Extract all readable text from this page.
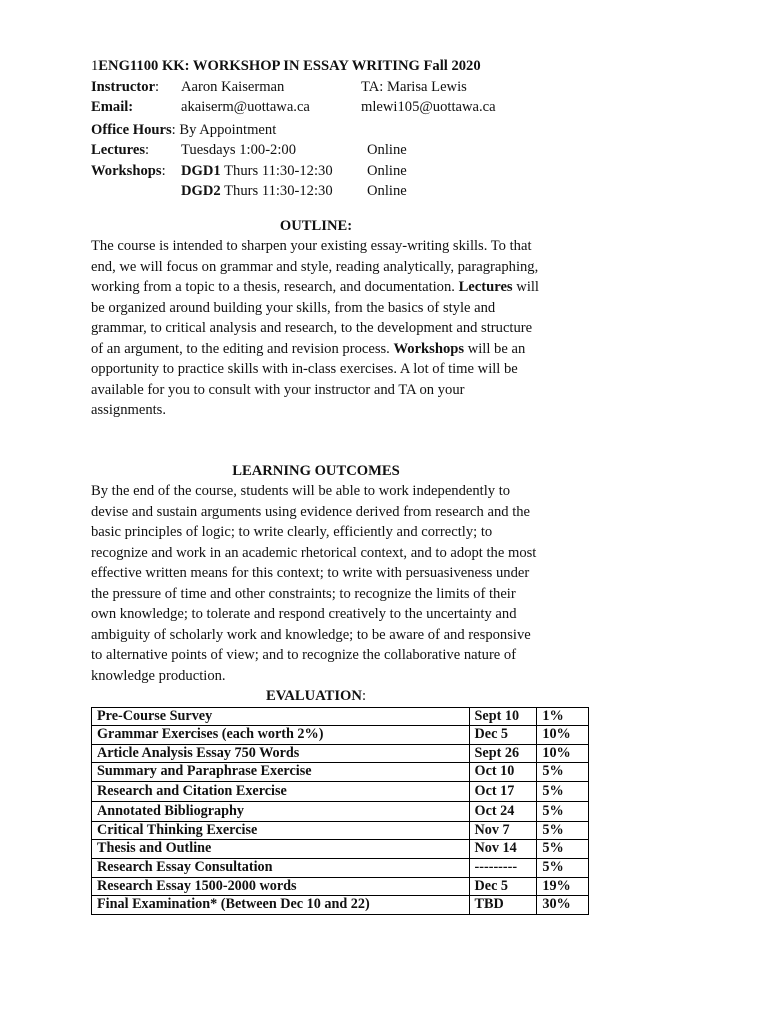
1ENG1100 KK: WORKSHOP IN ESSAY WRITING Fall 2020
Instructor:	Aaron Kaiserman	TA: Marisa Lewis
Email:	akaiserm@uottawa.ca	mlewi105@uottawa.ca
Office Hours : By Appointment
Lectures:	Tuesdays 1:00-2:00	Online
Workshops:	DGD1 Thurs 11:30-12:30	Online
DGD2 Thurs 11:30-12:30	Online
OUTLINE:

The course is intended to sharpen your existing essay-writing skills. To that end, we will focus on grammar and style, reading analytically, paragraphing, working from a topic to a thesis, research, and documentation. Lectures will be organized around building your skills, from the basics of style and grammar, to critical analysis and research, to the development and structure of an argument, to the editing and revision process. Workshops will be an opportunity to practice skills with in-class exercises. A lot of time will be available for you to consult with your instructor and TA on your assignments.

LEARNING OUTCOMES

By the end of the course, students will be able to work independently to devise and sustain arguments using evidence derived from research and the basic principles of logic; to write clearly, efficiently and correctly; to recognize and work in an academic rhetorical context, and to adopt the most effective written means for this context; to write with persuasiveness under the pressure of time and other constraints; to recognize the limits of their own knowledge; to tolerate and respond creatively to the uncertainty and ambiguity of scholarly work and knowledge; to be aware of and responsive to alternative points of view; and to recognize the collaborative nature of knowledge production.

EVALUATION:

Pre-Course Survey	Sept 10	1%
Grammar Exercises (each worth 2%)	Dec 5	10%
Article Analysis Essay 750 Words	Sept 26	10%
Summary and Paraphrase Exercise	Oct 10	5%
Research and Citation Exercise	Oct 17	5%
Annotated Bibliography	Oct 24	5%
Critical Thinking Exercise	Nov 7	5%
Thesis and Outline	Nov 14	5%
Research Essay Consultation	---------	5%
Research Essay 1500-2000 words	Dec 5	19%
Final Examination* (Between Dec 10 and 22)	TBD	30%
